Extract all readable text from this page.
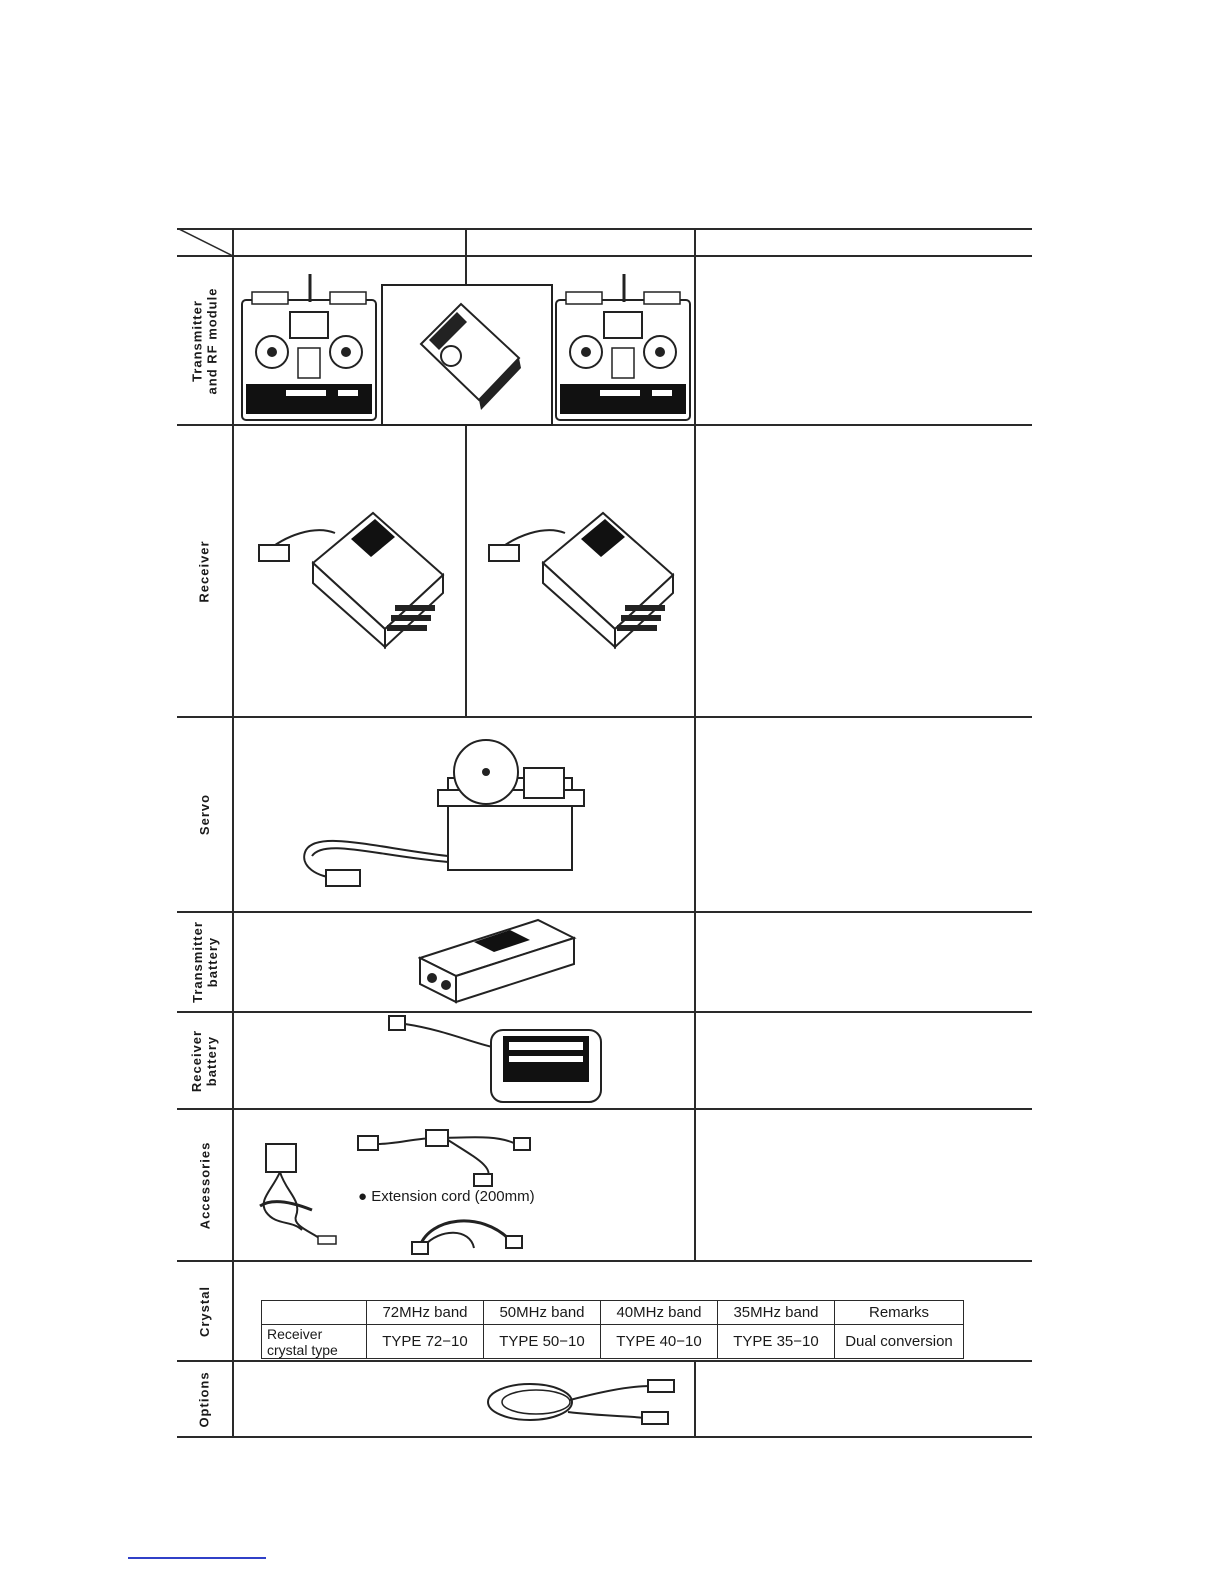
Transmitter
and RF module
Receiver
Servo
Transmitter
battery
Receiver
battery
Accessories
Crystal
Options
● Extension cord (200mm)
	72MHz band	50MHz band	40MHz band	35MHz band	Remarks
Receiver
crystal type	TYPE 72−10	TYPE 50−10	TYPE 40−10	TYPE 35−10	Dual conversion
